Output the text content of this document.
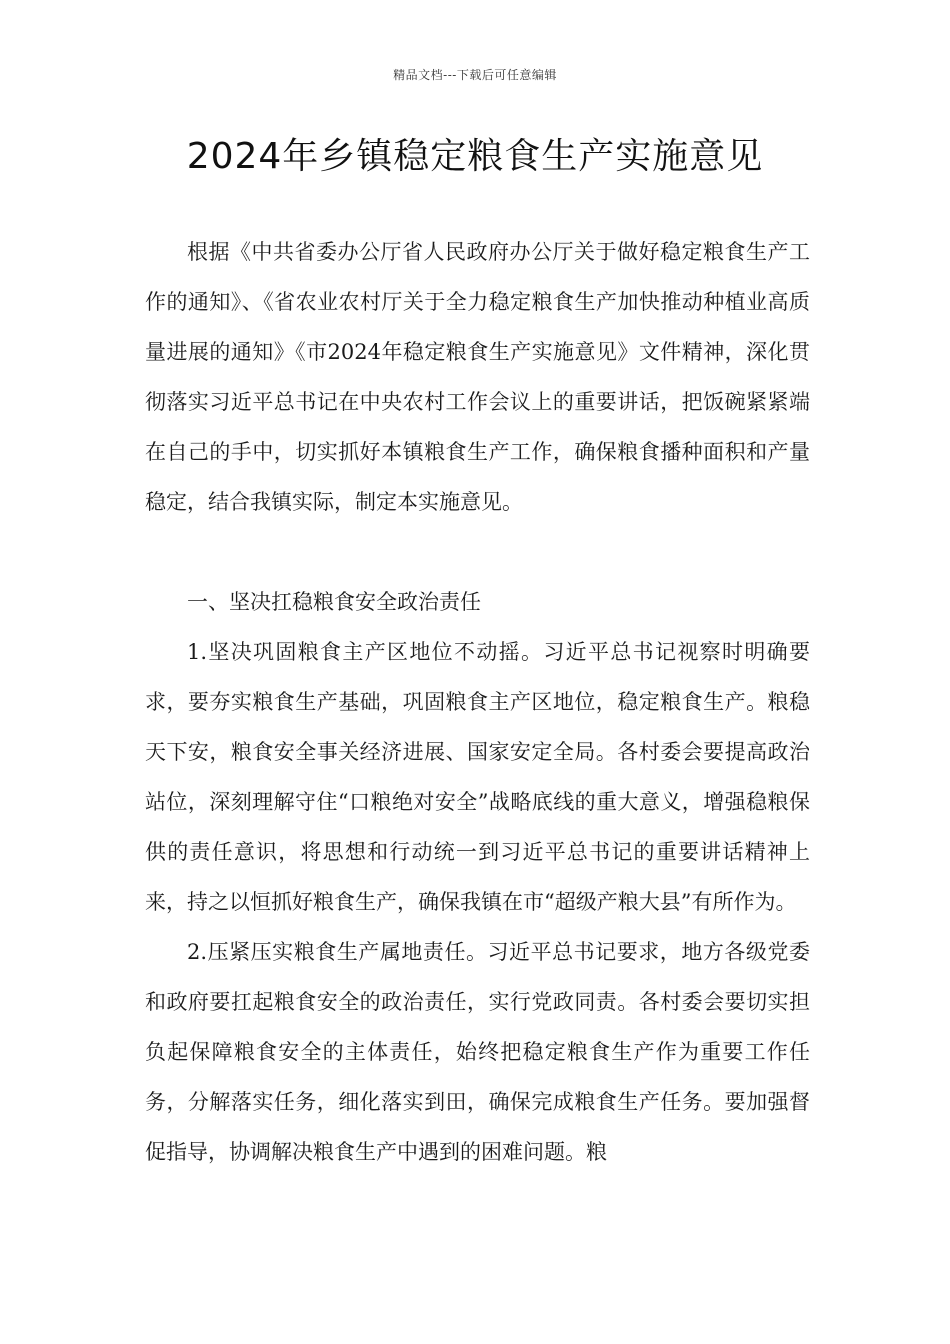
精品文档---下载后可任意编辑
2024年乡镇稳定粮食生产实施意见

根据《中共省委办公厅省人民政府办公厅关于做好稳定粮食生产工作的通知》、《省农业农村厅关于全力稳定粮食生产加快推动种植业高质量进展的通知》《市2024年稳定粮食生产实施意见》文件精神，深化贯彻落实习近平总书记在中央农村工作会议上的重要讲话，把饭碗紧紧端在自己的手中，切实抓好本镇粮食生产工作，确保粮食播种面积和产量稳定，结合我镇实际，制定本实施意见。

一、坚决扛稳粮食安全政治责任

1.坚决巩固粮食主产区地位不动摇。习近平总书记视察时明确要求，要夯实粮食生产基础，巩固粮食主产区地位，稳定粮食生产。粮稳天下安，粮食安全事关经济进展、国家安定全局。各村委会要提高政治站位，深刻理解守住“口粮绝对安全”战略底线的重大意义，增强稳粮保供的责任意识，将思想和行动统一到习近平总书记的重要讲话精神上来，持之以恒抓好粮食生产，确保我镇在市“超级产粮大县”有所作为。

2.压紧压实粮食生产属地责任。习近平总书记要求，地方各级党委和政府要扛起粮食安全的政治责任，实行党政同责。各村委会要切实担负起保障粮食安全的主体责任，始终把稳定粮食生产作为重要工作任务，分解落实任务，细化落实到田，确保完成粮食生产任务。要加强督促指导，协调解决粮食生产中遇到的困难问题。粮
